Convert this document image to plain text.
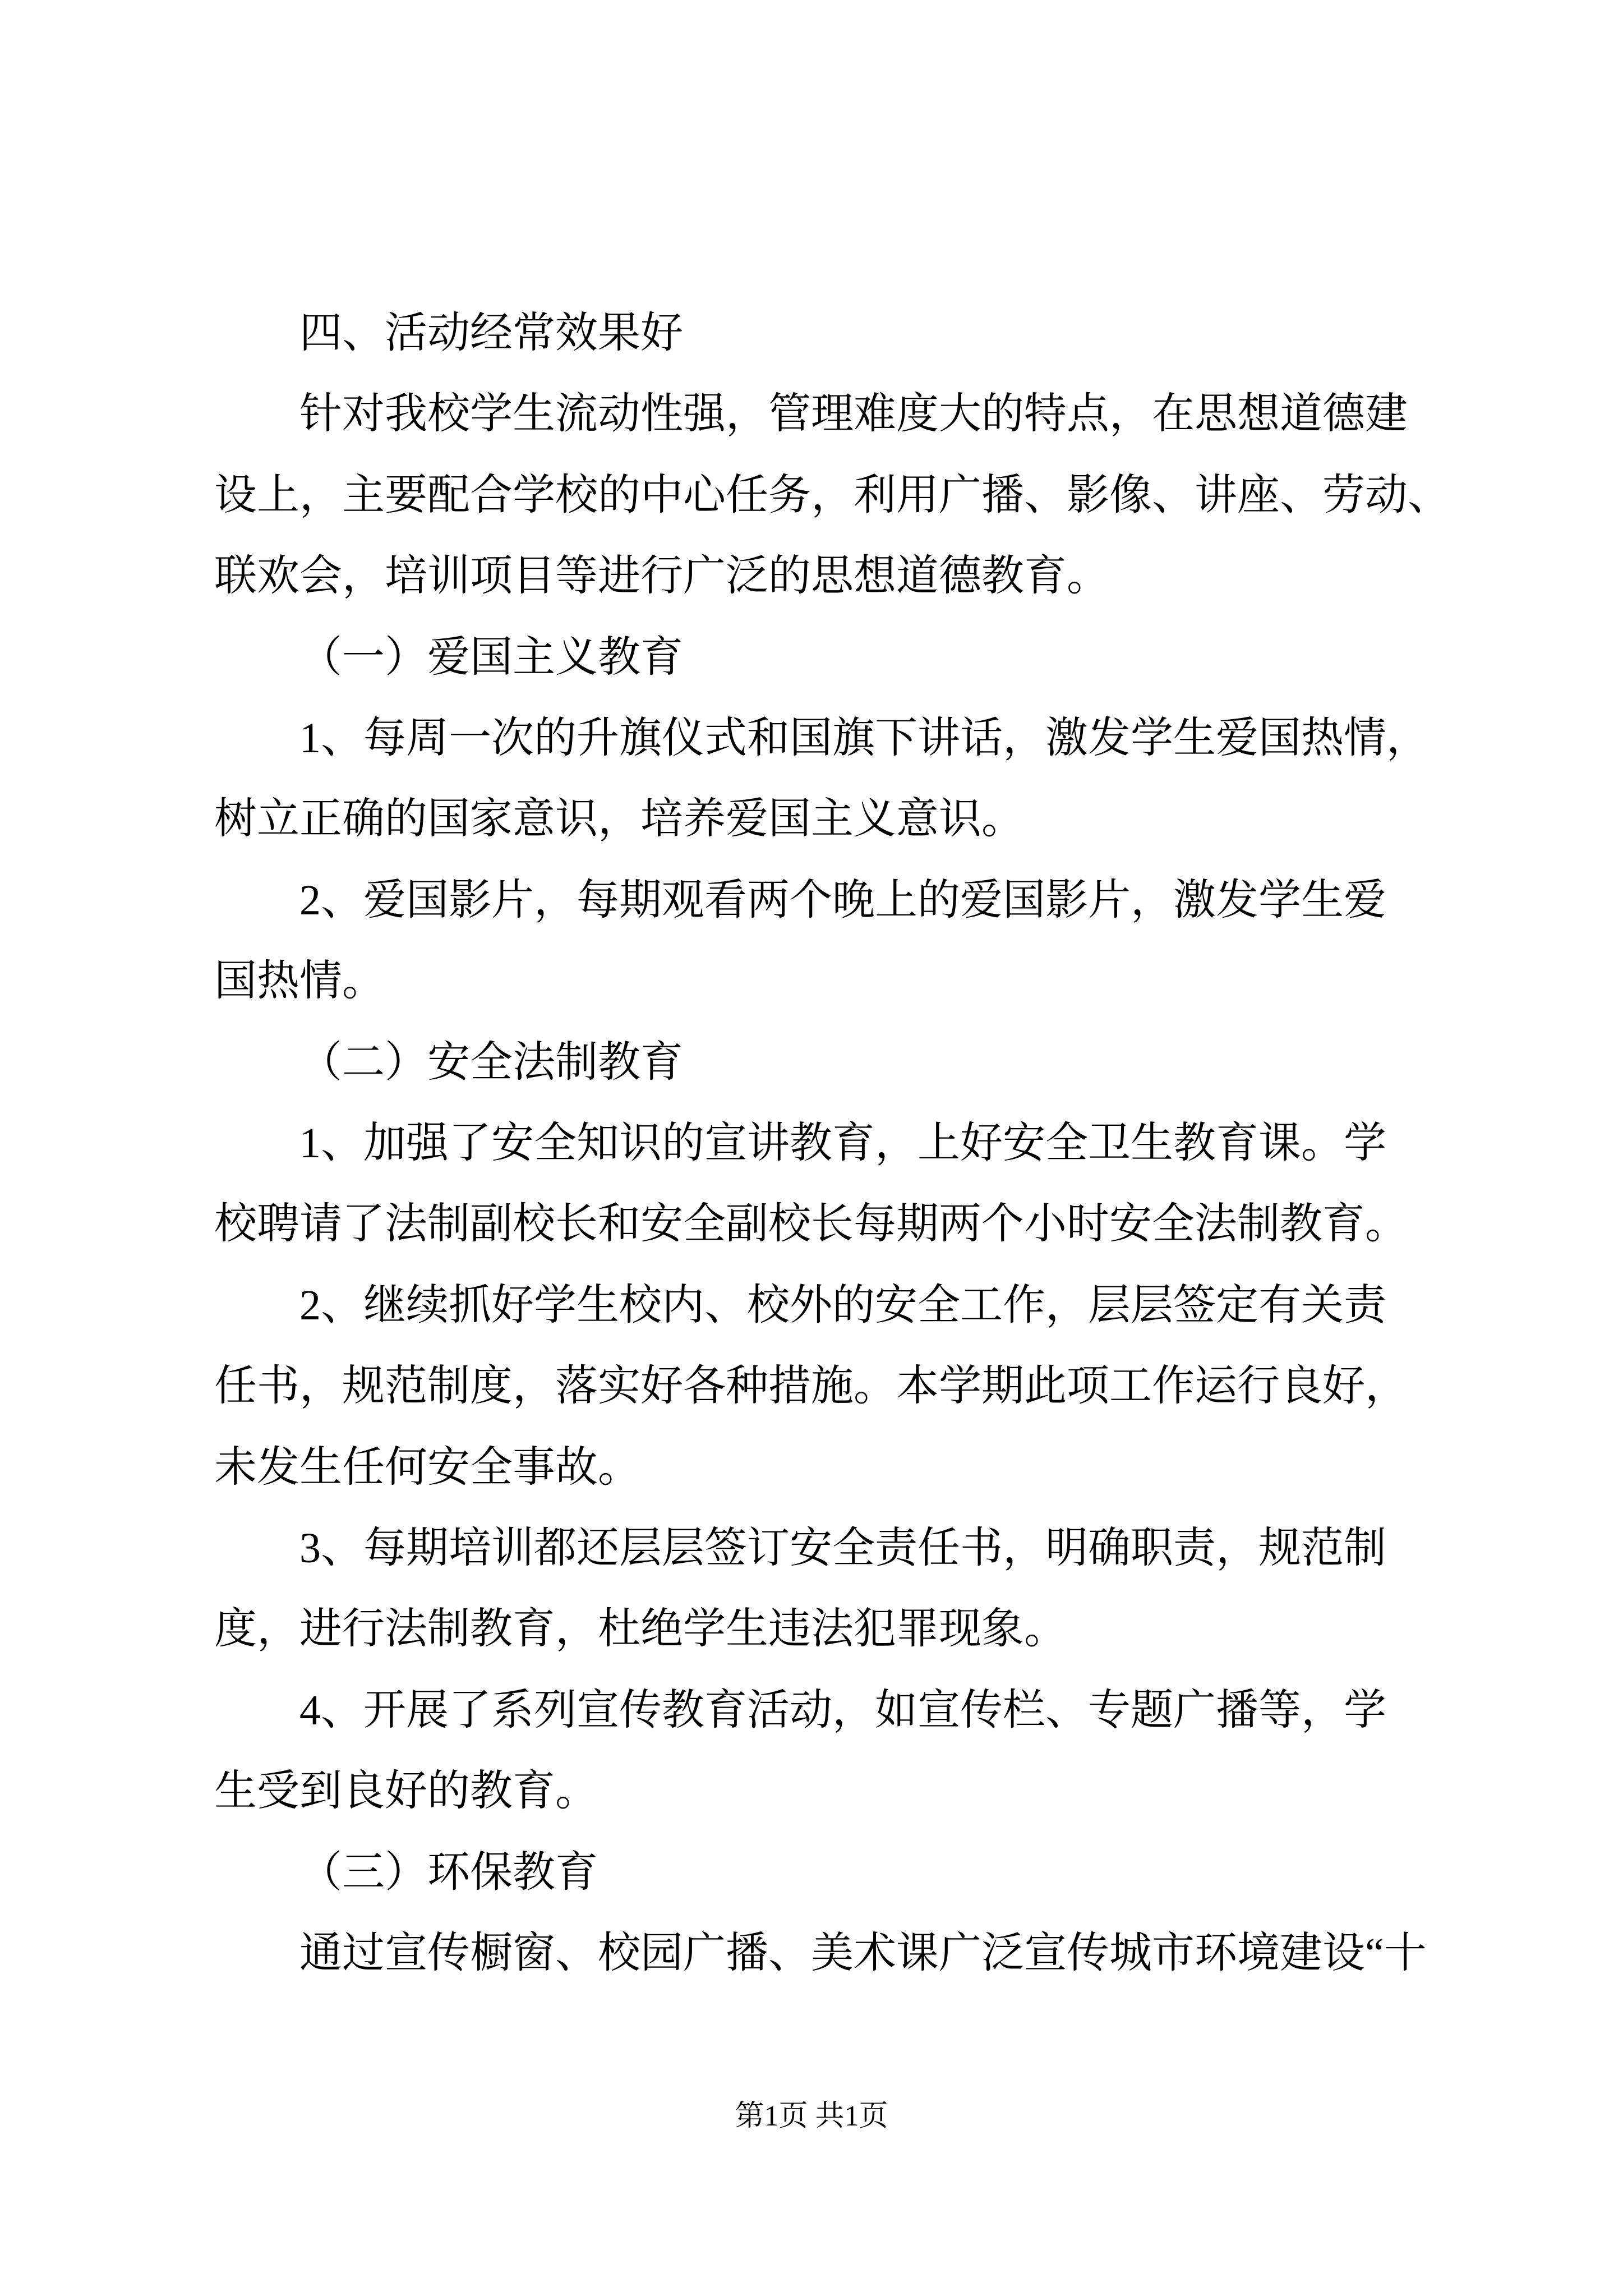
四、活动经常效果好
针对我校学生流动性强，管理难度大的特点，在思想道德建
设上，主要配合学校的中心任务，利用广播、影像、讲座、劳动、
联欢会，培训项目等进行广泛的思想道德教育。
（一）爱国主义教育
1、每周一次的升旗仪式和国旗下讲话，激发学生爱国热情，
树立正确的国家意识，培养爱国主义意识。
2、爱国影片，每期观看两个晚上的爱国影片，激发学生爱
国热情。
（二）安全法制教育
1、加强了安全知识的宣讲教育，上好安全卫生教育课。学
校聘请了法制副校长和安全副校长每期两个小时安全法制教育。
2、继续抓好学生校内、校外的安全工作，层层签定有关责
任书，规范制度，落实好各种措施。本学期此项工作运行良好，
未发生任何安全事故。
3、每期培训都还层层签订安全责任书，明确职责，规范制
度，进行法制教育，杜绝学生违法犯罪现象。
4、开展了系列宣传教育活动，如宣传栏、专题广播等，学
生受到良好的教育。
（三）环保教育
通过宣传橱窗、校园广播、美术课广泛宣传城市环境建设“十
第1页 共1页
